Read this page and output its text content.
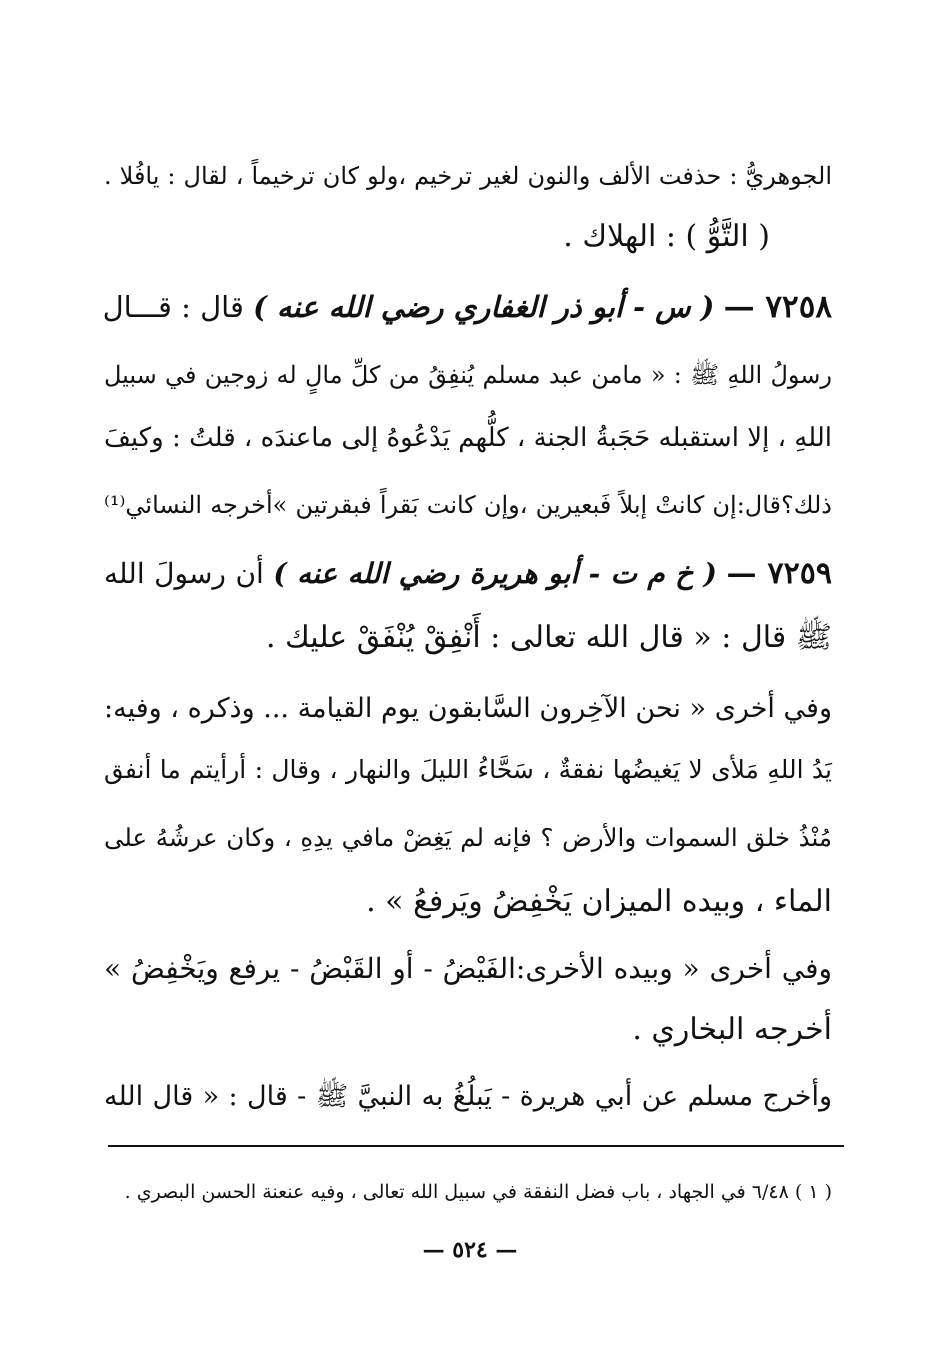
الجوهريُّ : حذفت الألف والنون لغير ترخيم ،ولو كان ترخيماً ، لقال : يافُلا .
( التَّوُّ ) : الهلاك .
٧٢٥٨ — ( س - أبو ذر الغفاري رضي الله عنه ) قال : قـــال
رسولُ اللهِ ﷺ : « مامن عبد مسلم يُنفِقُ من كلِّ مالٍ له زوجين في سبيل
اللهِ ، إلا استقبله حَجَبةُ الجنة ، كلُّهم يَدْعُوهُ إلى ماعندَه ، قلتُ : وكيفَ
ذلك؟قال:إن كانتْ إبلاً فَبعيرين ،وإن كانت بَقراً فبقرتين »أخرجه النسائي⁽¹⁾
٧٢٥٩ — ( خ م ت - أبو هريرة رضي الله عنه ) أن رسولَ الله
ﷺ قال : « قال الله تعالى : أَنْفِقْ يُنْفَقْ عليك .
وفي أخرى « نحن الآخِرون السَّابقون يوم القيامة ... وذكره ، وفيه:
يَدُ اللهِ مَلأى لا يَغيضُها نفقةٌ ، سَحَّاءُ الليلَ والنهار ، وقال : أرأيتم ما أنفق
مُنْذُ خلق السموات والأرض ؟ فإنه لم يَغِضْ مافي يدِهِ ، وكان عرشُهُ على
الماء ، وبيده الميزان يَخْفِضُ ويَرفعُ » .
وفي أخرى « وبيده الأخرى:الفَيْضُ - أو القَبْضُ - يرفع ويَخْفِضُ »
أخرجه البخاري .
وأخرج مسلم عن أبي هريرة - يَبلُغُ به النبيَّ ﷺ - قال : « قال الله
( ١ ) ٦/٤٨ في الجهاد ، باب فضل النفقة في سبيل الله تعالى ، وفيه عنعنة الحسن البصري .
— ٥٢٤ —
